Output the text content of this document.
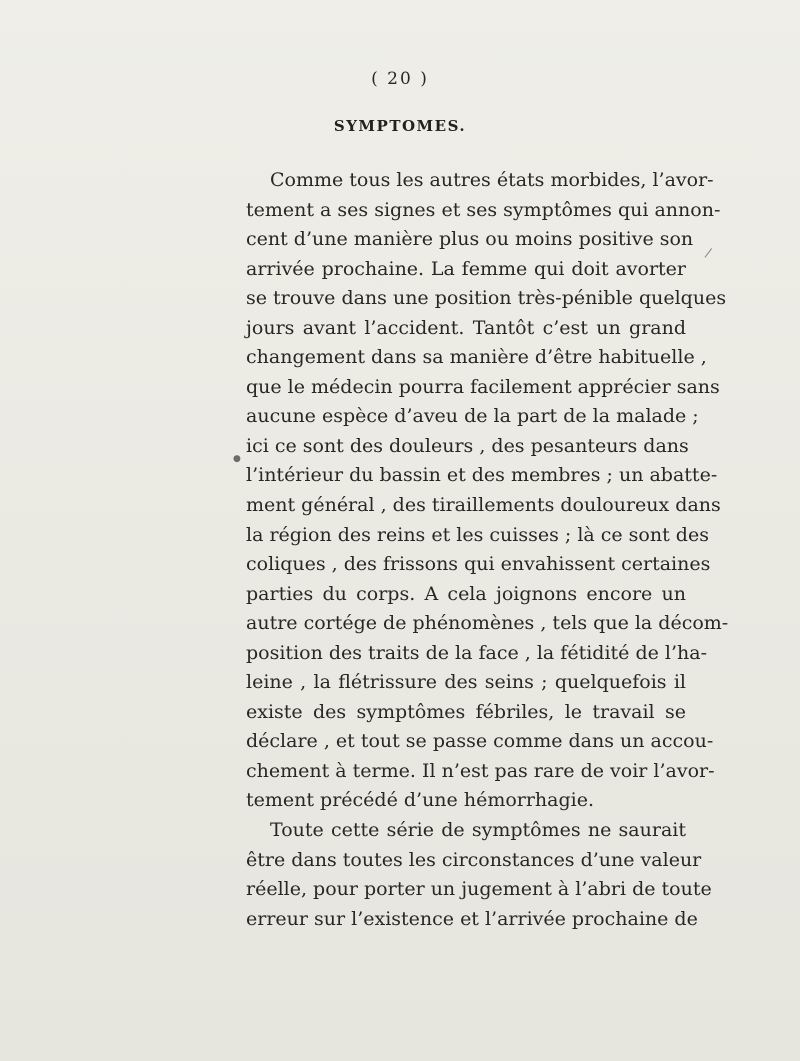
( 20 )
SYMPTOMES.
Comme tous les autres états morbides, l’avor-
tement a ses signes et ses symptômes qui annon-
cent d’une manière plus ou moins positive son
arrivée prochaine. La femme qui doit avorter
se trouve dans une position très-pénible quelques
jours avant l’accident. Tantôt c’est un grand
changement dans sa manière d’être habituelle ,
que le médecin pourra facilement apprécier sans
aucune espèce d’aveu de la part de la malade ;
ici ce sont des douleurs , des pesanteurs dans
l’intérieur du bassin et des membres ; un abatte-
ment général , des tiraillements douloureux dans
la région des reins et les cuisses ; là ce sont des
coliques , des frissons qui envahissent certaines
parties du corps. A cela joignons encore un
autre cortége de phénomènes , tels que la décom-
position des traits de la face , la fétidité de l’ha-
leine , la flétrissure des seins ; quelquefois il
existe des symptômes fébriles, le travail se
déclare , et tout se passe comme dans un accou-
chement à terme. Il n’est pas rare de voir l’avor-
tement précédé d’une hémorrhagie.
Toute cette série de symptômes ne saurait
être dans toutes les circonstances d’une valeur
réelle, pour porter un jugement à l’abri de toute
erreur sur l’existence et l’arrivée prochaine de
/
●
